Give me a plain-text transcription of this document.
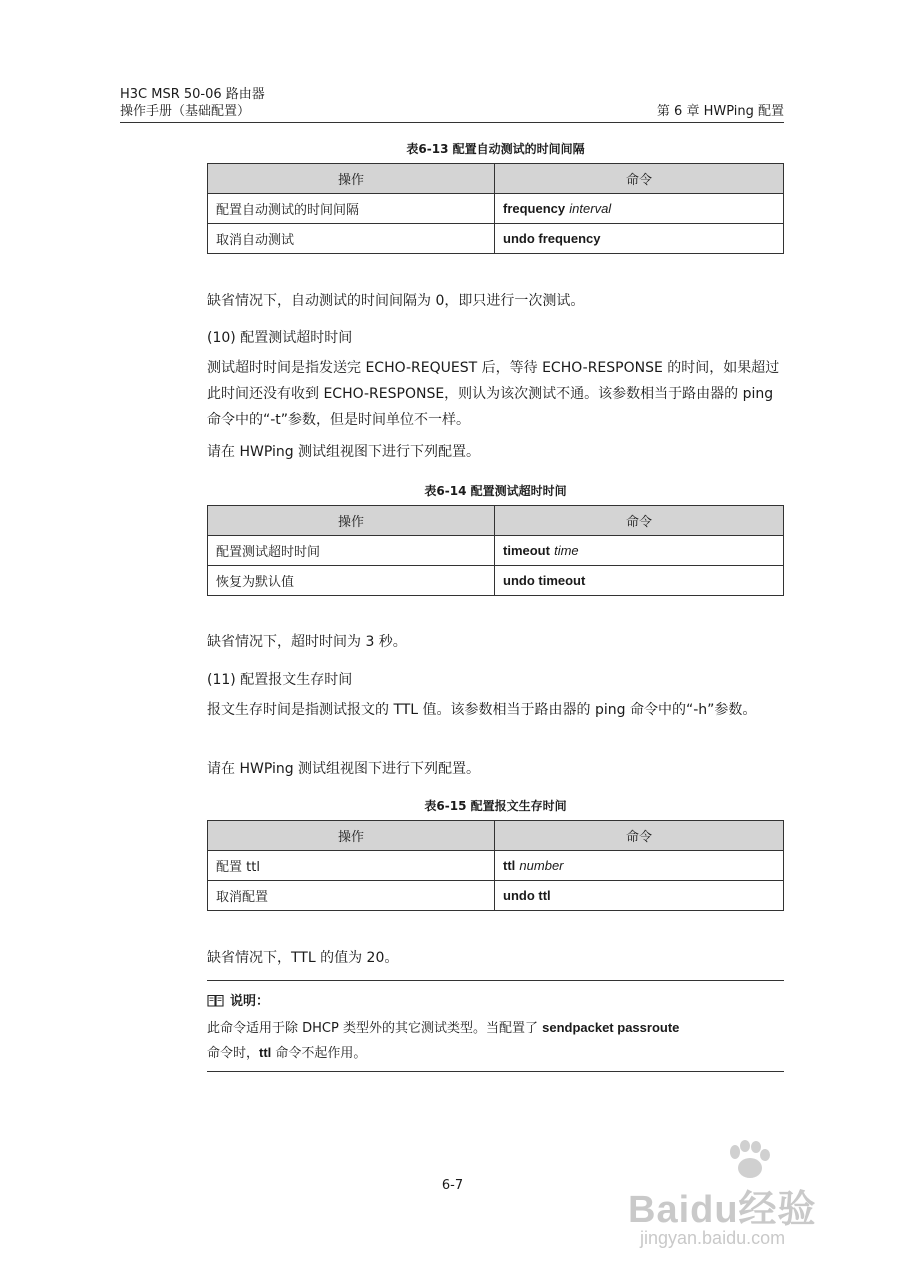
H3C MSR 50-06 路由器
操作手册（基础配置）	第 6 章 HWPing 配置
表6-13 配置自动测试的时间间隔
操作	命令
配置自动测试的时间间隔	frequency interval
取消自动测试	undo frequency
缺省情况下，自动测试的时间间隔为 0，即只进行一次测试。
(10) 配置测试超时时间
测试超时时间是指发送完 ECHO-REQUEST 后，等待 ECHO-RESPONSE 的时间，如果超过此时间还没有收到 ECHO-RESPONSE，则认为该次测试不通。该参数相当于路由器的 ping 命令中的“-t”参数，但是时间单位不一样。
请在 HWPing 测试组视图下进行下列配置。
表6-14 配置测试超时时间
操作	命令
配置测试超时时间	timeout time
恢复为默认值	undo timeout
缺省情况下，超时时间为 3 秒。
(11) 配置报文生存时间
报文生存时间是指测试报文的 TTL 值。该参数相当于路由器的 ping 命令中的“-h”参数。
请在 HWPing 测试组视图下进行下列配置。
表6-15 配置报文生存时间
操作	命令
配置 ttl	ttl number
取消配置	undo ttl
缺省情况下，TTL 的值为 20。
说明：
此命令适用于除 DHCP 类型外的其它测试类型。当配置了 sendpacket passroute
命令时，ttl 命令不起作用。
6-7
Baidu经验
jingyan.baidu.com
